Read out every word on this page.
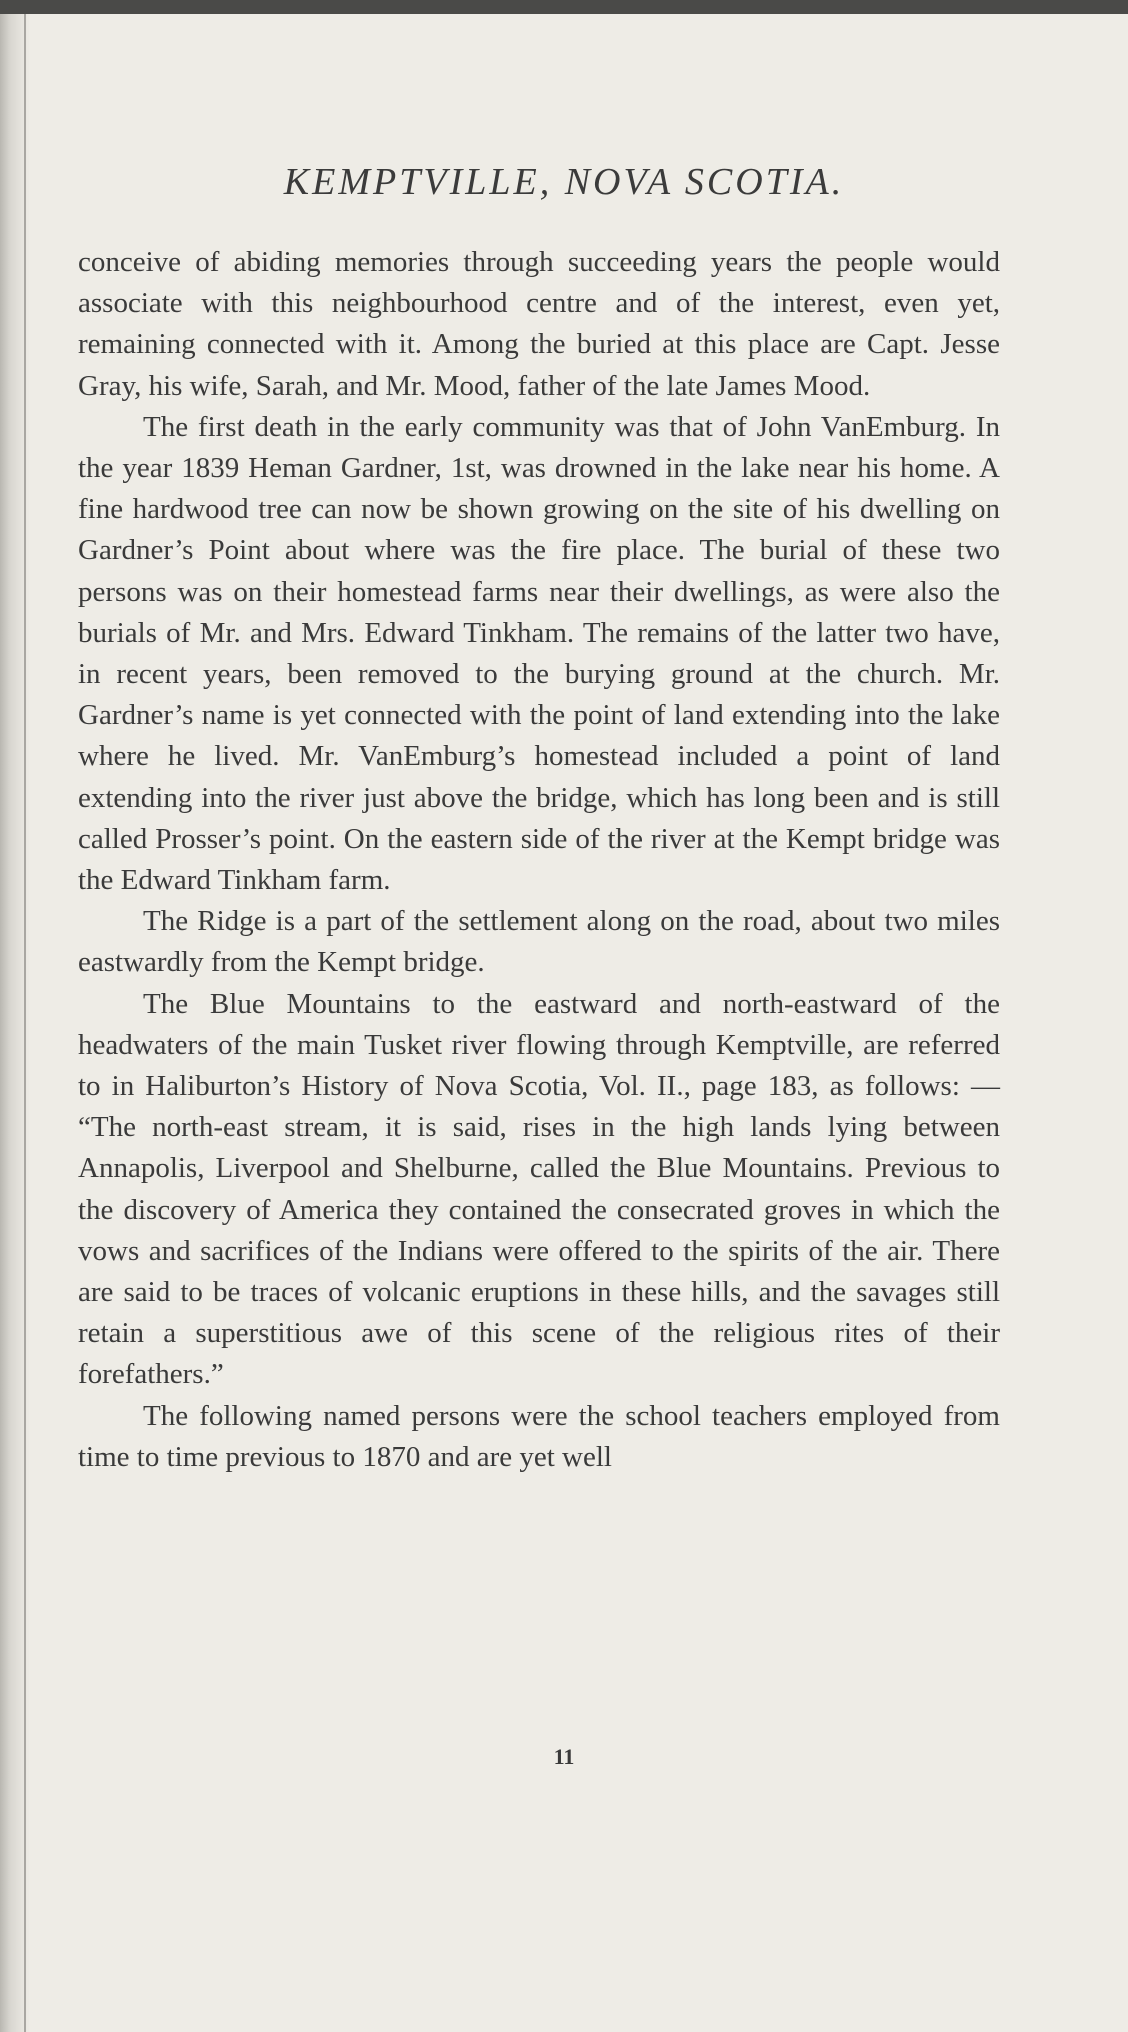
KEMPTVILLE, NOVA SCOTIA.

conceive of abiding memories through succeeding years the people would associate with this neighbourhood centre and of the interest, even yet, remaining connected with it. Among the buried at this place are Capt. Jesse Gray, his wife, Sarah, and Mr. Mood, father of the late James Mood.

The first death in the early community was that of John VanEmburg. In the year 1839 Heman Gardner, 1st, was drowned in the lake near his home. A fine hardwood tree can now be shown growing on the site of his dwelling on Gardner’s Point about where was the fire place. The burial of these two persons was on their homestead farms near their dwellings, as were also the burials of Mr. and Mrs. Edward Tinkham. The remains of the latter two have, in recent years, been removed to the burying ground at the church. Mr. Gardner’s name is yet connected with the point of land extending into the lake where he lived. Mr. VanEmburg’s homestead included a point of land extending into the river just above the bridge, which has long been and is still called Prosser’s point. On the eastern side of the river at the Kempt bridge was the Edward Tinkham farm.

The Ridge is a part of the settlement along on the road, about two miles eastwardly from the Kempt bridge.

The Blue Mountains to the eastward and north-eastward of the headwaters of the main Tusket river flowing through Kemptville, are referred to in Haliburton’s History of Nova Scotia, Vol. II., page 183, as follows: — “The north-east stream, it is said, rises in the high lands lying between Annapolis, Liverpool and Shelburne, called the Blue Mountains. Previous to the discovery of America they contained the consecrated groves in which the vows and sacrifices of the Indians were offered to the spirits of the air. There are said to be traces of volcanic eruptions in these hills, and the savages still retain a superstitious awe of this scene of the religious rites of their forefathers.”

The following named persons were the school teachers employed from time to time previous to 1870 and are yet well

11
